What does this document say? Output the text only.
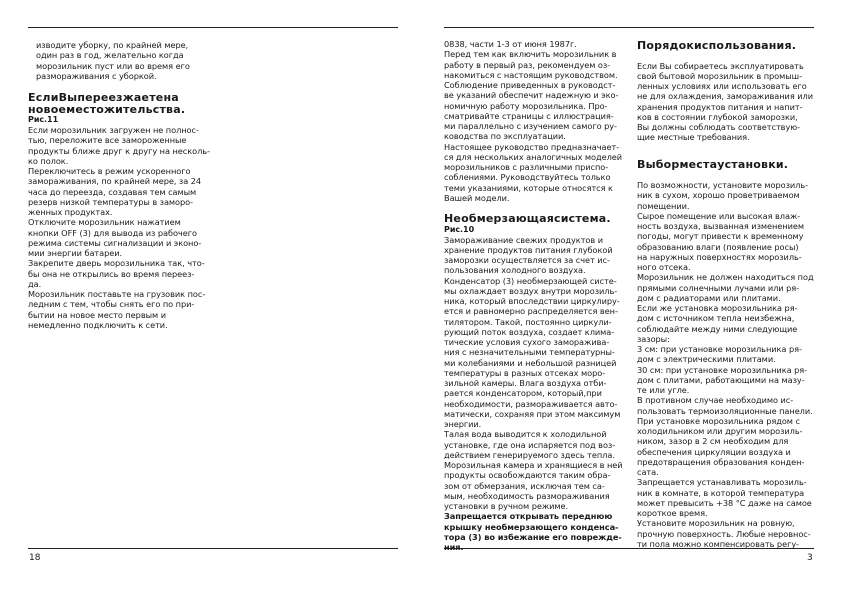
изводите уборку, по крайней мере,

один раз в год, желательно когда

морозильник пуст или во время его

размораживания с уборкой.

ЕслиВыпереезжаетена
новоеместожительства.
Рис.11

Если морозильник загружен не полнос-

тью, переложите все замороженные

продукты ближе друг к другу на несколь-

ко полок.

Переключитесь в режим ускоренного

замораживания, по крайней мере, за 24

часа до переезда, создавая тем самым

резерв низкой температуры в заморо-

женных продуктах.

Отключите морозильник нажатием

кнопки OFF (3) для вывода из рабочего

режима системы сигнализации и эконо-

мии энергии батареи.

Закрепите дверь морозильника так, что-

бы она не открылись во время переез-

да.

Морозильник поставьте на грузовик пос-

ледним с тем, чтобы снять его по при-

бытии на новое место первым и

немедленно подключить к сети.

18

0838, части 1-3 от июня 1987г.

Перед тем как включить морозильник в

работу в первый раз, рекомендуем оз-

накомиться с настоящим руководством.

Соблюдение приведенных в руководст-

ве указаний обеспечит надежную и эко-

номичную работу морозильника. Про-

сматривайте страницы с иллюстрация-

ми параллельно с изучением самого ру-

ководства по эксплуатации.

Настоящее руководство предназначает-

ся для нескольких аналогичных моделей

морозильников с различными приспо-

соблениями. Руководствуйтесь только

теми указаниями, которые относятся к

Вашей модели.

Необмерзающаясистема.
Рис.10

Замораживание свежих продуктов и

хранение продуктов питания глубокой

заморозки осуществляется за счет ис-

пользования холодного воздуха.

Конденсатор (3) необмерзающей систе-

мы охлаждает воздух внутри морозиль-

ника, который впоследствии циркулиру-

ется и равномерно распределяется вен-

тилятором. Такой, постоянно циркули-

рующий поток воздуха, создает клима-

тические условия сухого заморажива-

ния с незначительными температурны-

ми колебаниями и небольшой разницей

температуры в разных отсеках моро-

зильной камеры. Влага воздуха отби-

рается конденсатором, который,при

необходимости, размораживается авто-

матически, сохраняя при этом максимум

энергии.

Талая вода выводится к холодильной

установке, где она испаряется под воз-

действием генерируемого здесь тепла.

Морозильная камера и хранящиеся в ней

продукты освобождаются таким обра-

зом от обмерзания, исключая тем са-

мым, необходимость размораживания

установки в ручном режиме.

Запрещается открывать переднюю

крышку необмерзающего конденса-

тора (3) во избежание его поврежде-

ния.

Порядокиспользования.

Если Вы собираетесь эксплуатировать

свой бытовой морозильник в промыш-

ленных условиях или использовать его

не для охлаждения, замораживания или

хранения продуктов питания и напит-

ков в состоянии глубокой заморозки,

Вы должны соблюдать соответствую-

щие местные требования.

Выборместаустановки.

По возможности, установите морозиль-

ник в сухом, хорошо проветриваемом

помещении.

Сырое помещение или высокая влаж-

ность воздуха, вызванная изменением

погоды, могут привести к временному

образованию влаги (появление росы)

на наружных поверхностях морозиль-

ного отсека.

Морозильник не должен находиться под

прямыми солнечными лучами или ря-

дом с радиаторами или плитами.

Если же установка морозильника ря-

дом с источником тепла неизбежна,

соблюдайте между ними следующие

зазоры:

3 см: при установке морозильника ря-

дом с электрическими плитами.

30 см: при установке морозильника ря-

дом с плитами, работающими на мазу-

те или угле.

В противном случае необходимо ис-

пользовать термоизоляционные панели.

При установке морозильника рядом с

холодильником или другим морозиль-

ником, зазор в 2 см необходим для

обеспечения циркуляции воздуха и

предотвращения образования конден-

сата.

Запрещается устанавливать морозиль-

ник в комнате, в которой температура

может превысить +38 °С даже на самое

короткое время.

Установите морозильник на ровную,

прочную поверхность. Любые неровнос-

ти пола можно компенсировать регу-

3
